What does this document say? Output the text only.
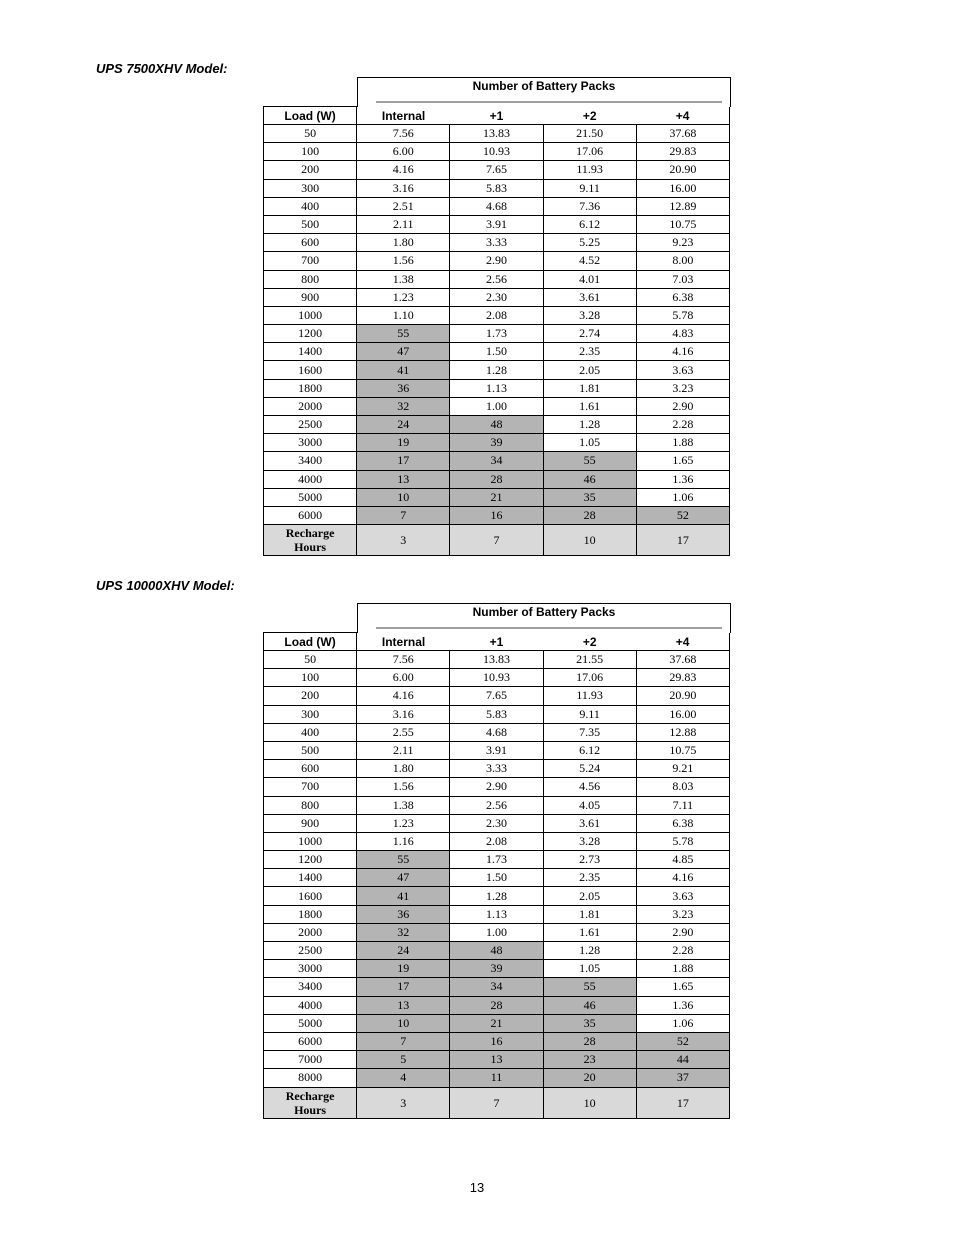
UPS 7500XHV Model:
Number of Battery Packs
Load (W)	Internal	+1	+2	+4
50	7.56	13.83	21.50	37.68
100	6.00	10.93	17.06	29.83
200	4.16	7.65	11.93	20.90
300	3.16	5.83	9.11	16.00
400	2.51	4.68	7.36	12.89
500	2.11	3.91	6.12	10.75
600	1.80	3.33	5.25	9.23
700	1.56	2.90	4.52	8.00
800	1.38	2.56	4.01	7.03
900	1.23	2.30	3.61	6.38
1000	1.10	2.08	3.28	5.78
1200	55	1.73	2.74	4.83
1400	47	1.50	2.35	4.16
1600	41	1.28	2.05	3.63
1800	36	1.13	1.81	3.23
2000	32	1.00	1.61	2.90
2500	24	48	1.28	2.28
3000	19	39	1.05	1.88
3400	17	34	55	1.65
4000	13	28	46	1.36
5000	10	21	35	1.06
6000	7	16	28	52

Recharge
Hours	3	7	10	17
UPS 10000XHV Model:
Number of Battery Packs
Load (W)	Internal	+1	+2	+4
50	7.56	13.83	21.55	37.68
100	6.00	10.93	17.06	29.83
200	4.16	7.65	11.93	20.90
300	3.16	5.83	9.11	16.00
400	2.55	4.68	7.35	12.88
500	2.11	3.91	6.12	10.75
600	1.80	3.33	5.24	9.21
700	1.56	2.90	4.56	8.03
800	1.38	2.56	4.05	7.11
900	1.23	2.30	3.61	6.38
1000	1.16	2.08	3.28	5.78
1200	55	1.73	2.73	4.85
1400	47	1.50	2.35	4.16
1600	41	1.28	2.05	3.63
1800	36	1.13	1.81	3.23
2000	32	1.00	1.61	2.90
2500	24	48	1.28	2.28
3000	19	39	1.05	1.88
3400	17	34	55	1.65
4000	13	28	46	1.36
5000	10	21	35	1.06
6000	7	16	28	52
7000	5	13	23	44
8000	4	11	20	37

Recharge
Hours	3	7	10	17
13
